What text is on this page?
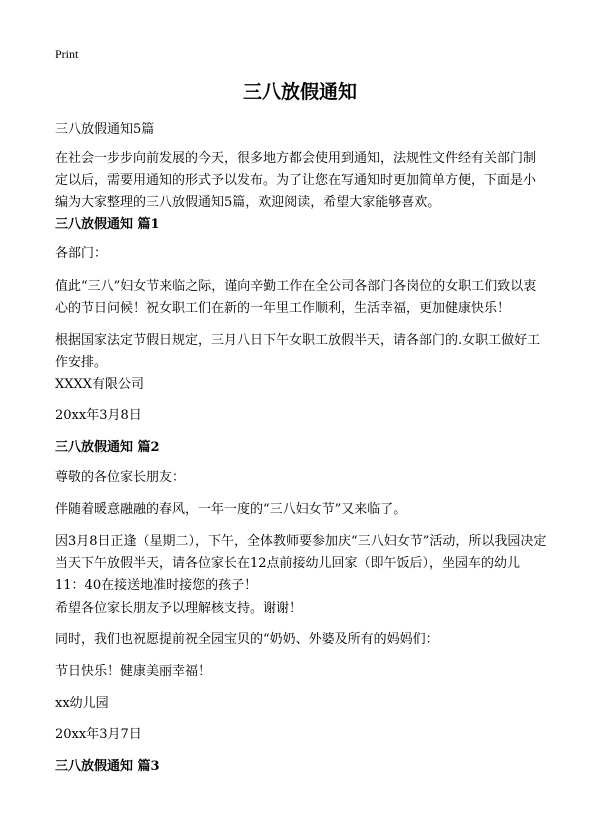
Print
三八放假通知

三八放假通知5篇

在社会一步步向前发展的今天，很多地方都会使用到通知，法规性文件经有关部门制定以后，需要用通知的形式予以发布。为了让您在写通知时更加简单方便，下面是小编为大家整理的三八放假通知5篇，欢迎阅读，希望大家能够喜欢。

三八放假通知 篇1

各部门：

值此“三八”妇女节来临之际，谨向辛勤工作在全公司各部门各岗位的女职工们致以衷心的节日问候！祝女职工们在新的一年里工作顺利，生活幸福，更加健康快乐！

根据国家法定节假日规定，三月八日下午女职工放假半天，请各部门的.女职工做好工作安排。

XXXX有限公司

20xx年3月8日

三八放假通知 篇2

尊敬的各位家长朋友：

伴随着暖意融融的春风，一年一度的“三八妇女节”又来临了。

因3月8日正逢（星期二），下午，全体教师要参加庆“三八妇女节”活动，所以我园决定当天下午放假半天，请各位家长在12点前接幼儿回家（即午饭后），坐园车的幼儿11：40在接送地准时接您的孩子！

希望各位家长朋友予以理解核支持。谢谢！

同时，我们也祝愿提前祝全园宝贝的“奶奶、外婆及所有的妈妈们：

节日快乐！健康美丽幸福！

xx幼儿园

20xx年3月7日

三八放假通知 篇3
